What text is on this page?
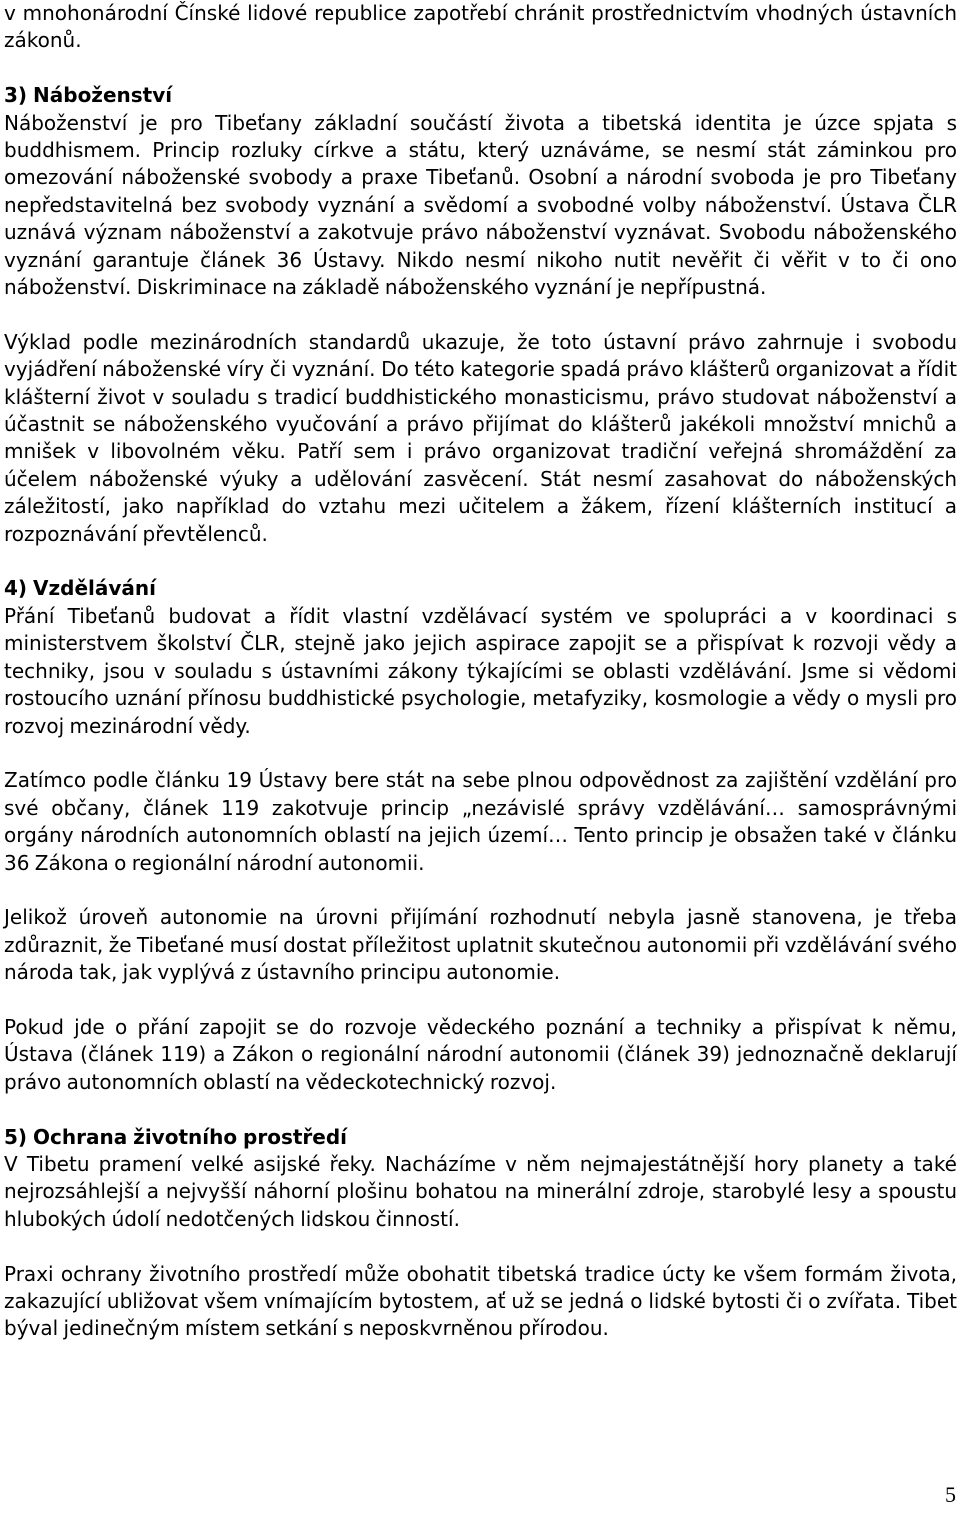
v mnohonárodní Čínské lidové republice zapotřebí chránit prostřednictvím vhodných ústavních zákonů.

3) Náboženství
Náboženství je pro Tibeťany základní součástí života a tibetská identita je úzce spjata s buddhismem. Princip rozluky církve a státu, který uznáváme, se nesmí stát záminkou pro omezování náboženské svobody a praxe Tibeťanů. Osobní a národní svoboda je pro Tibeťany nepředstavitelná bez svobody vyznání a svědomí a svobodné volby náboženství. Ústava ČLR uznává význam náboženství a zakotvuje právo náboženství vyznávat. Svobodu náboženského vyznání garantuje článek 36 Ústavy. Nikdo nesmí nikoho nutit nevěřit či věřit v to či ono náboženství. Diskriminace na základě náboženského vyznání je nepřípustná.

Výklad podle mezinárodních standardů ukazuje, že toto ústavní právo zahrnuje i svobodu vyjádření náboženské víry či vyznání. Do této kategorie spadá právo klášterů organizovat a řídit klášterní život v souladu s tradicí buddhistického monasticismu, právo studovat náboženství a účastnit se náboženského vyučování a právo přijímat do klášterů jakékoli množství mnichů a mnišek v libovolném věku. Patří sem i právo organizovat tradiční veřejná shromáždění za účelem náboženské výuky a udělování zasvěcení. Stát nesmí zasahovat do náboženských záležitostí, jako například do vztahu mezi učitelem a žákem, řízení klášterních institucí a rozpoznávání převtělenců.

4) Vzdělávání
Přání Tibeťanů budovat a řídit vlastní vzdělávací systém ve spolupráci a v koordinaci s ministerstvem školství ČLR, stejně jako jejich aspirace zapojit se a přispívat k rozvoji vědy a techniky, jsou v souladu s ústavními zákony týkajícími se oblasti vzdělávání. Jsme si vědomi rostoucího uznání přínosu buddhistické psychologie, metafyziky, kosmologie a vědy o mysli pro rozvoj mezinárodní vědy.

Zatímco podle článku 19 Ústavy bere stát na sebe plnou odpovědnost za zajištění vzdělání pro své občany, článek 119 zakotvuje princip „nezávislé správy vzdělávání… samosprávnými orgány národních autonomních oblastí na jejich území… Tento princip je obsažen také v článku 36 Zákona o regionální národní autonomii.

Jelikož úroveň autonomie na úrovni přijímání rozhodnutí nebyla jasně stanovena, je třeba zdůraznit, že Tibeťané musí dostat příležitost uplatnit skutečnou autonomii při vzdělávání svého národa tak, jak vyplývá z ústavního principu autonomie.

Pokud jde o přání zapojit se do rozvoje vědeckého poznání a techniky a přispívat k němu, Ústava (článek 119) a Zákon o regionální národní autonomii (článek 39) jednoznačně deklarují právo autonomních oblastí na vědeckotechnický rozvoj.

5) Ochrana životního prostředí
V Tibetu pramení velké asijské řeky. Nacházíme v něm nejmajestátnější hory planety a také nejrozsáhlejší a nejvyšší náhorní plošinu bohatou na minerální zdroje, starobylé lesy a spoustu hlubokých údolí nedotčených lidskou činností.

Praxi ochrany životního prostředí může obohatit tibetská tradice úcty ke všem formám života, zakazující ubližovat všem vnímajícím bytostem, ať už se jedná o lidské bytosti či o zvířata. Tibet býval jedinečným místem setkání s neposkvrněnou přírodou.

5
